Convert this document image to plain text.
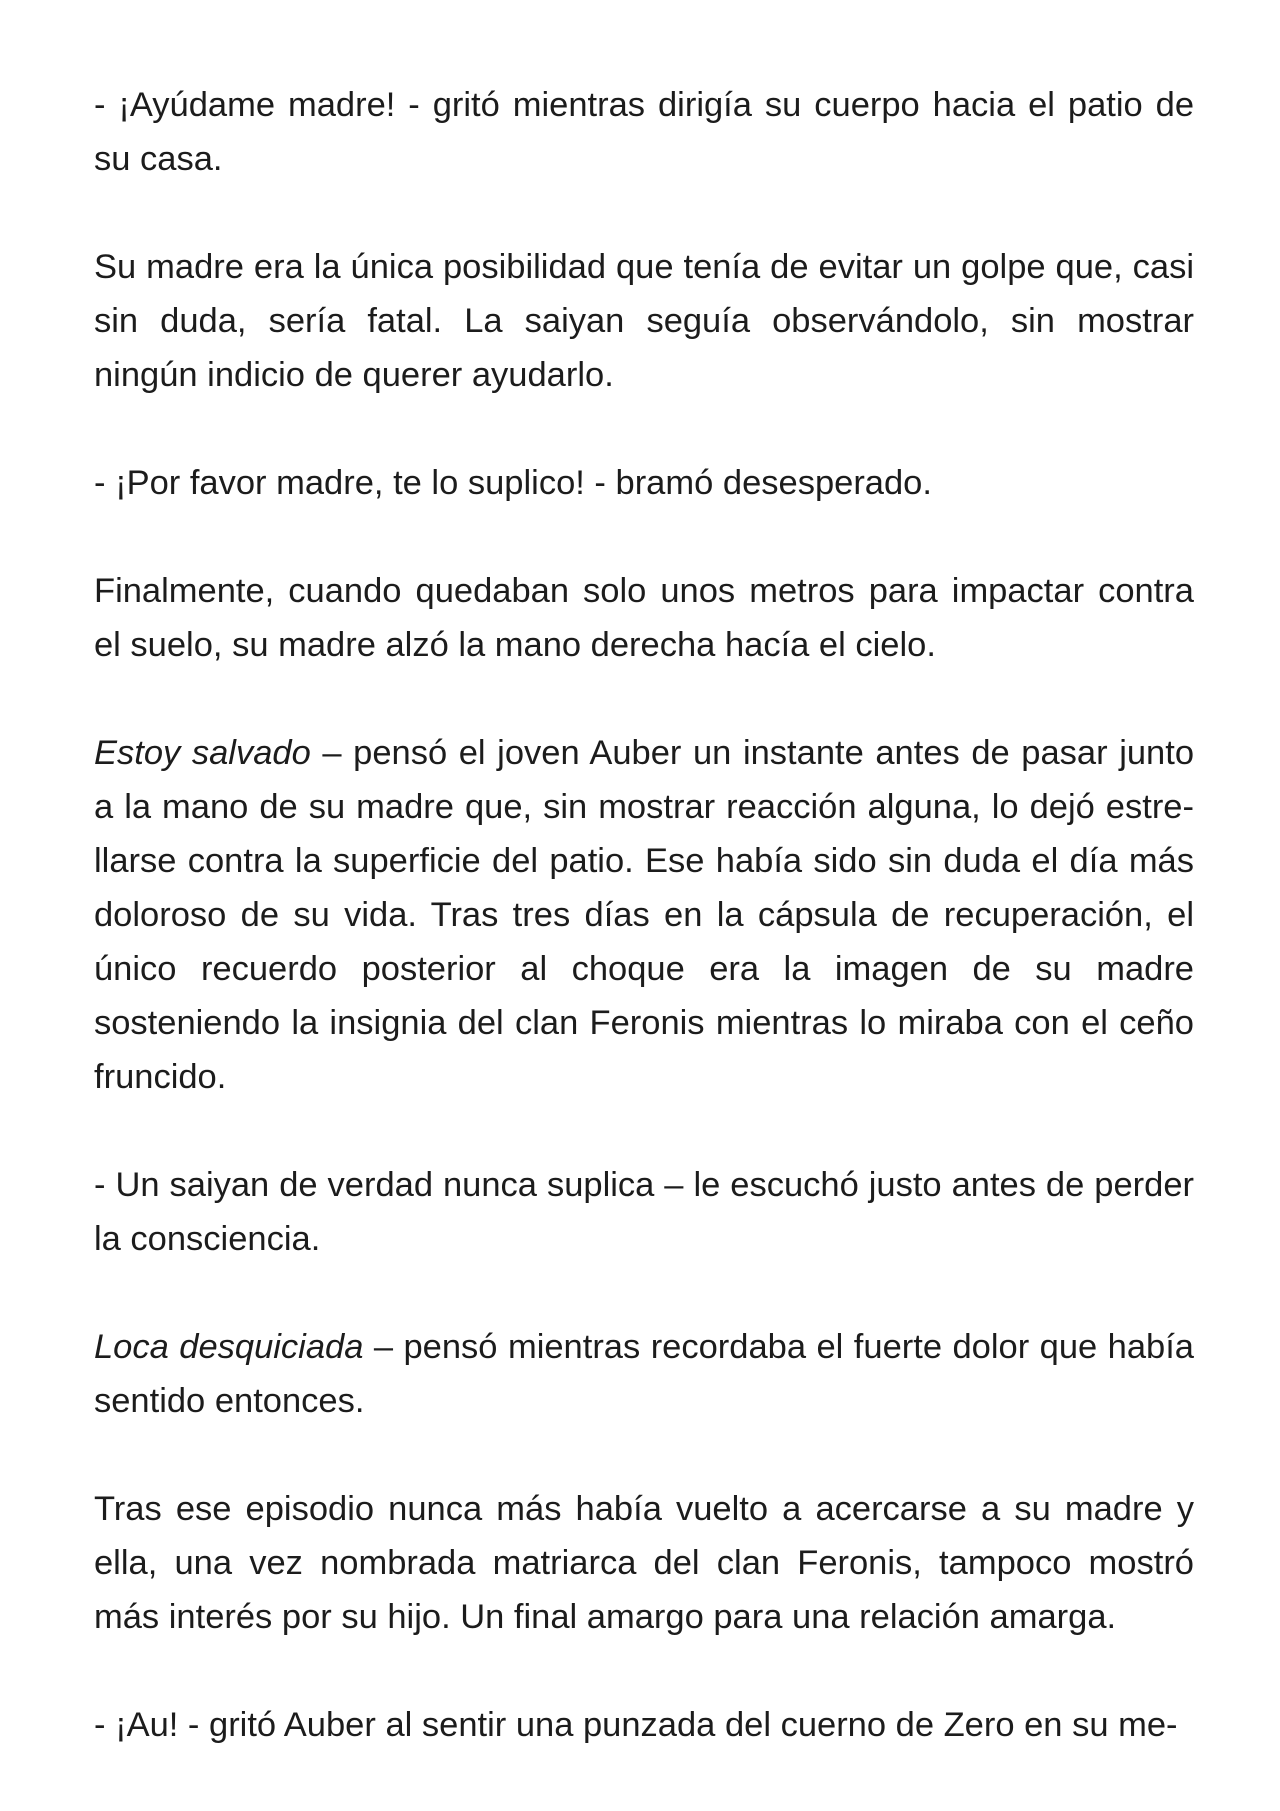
- ¡Ayúdame madre! - gritó mientras dirigía su cuerpo hacia el patio de su casa.

Su madre era la única posibilidad que tenía de evitar un golpe que, casi sin duda, sería fatal. La saiyan seguía observándolo, sin mostrar ningún indicio de querer ayudarlo.

- ¡Por favor madre, te lo suplico! - bramó desesperado.

Finalmente, cuando quedaban solo unos metros para impactar contra el suelo, su madre alzó la mano derecha hacía el cielo.

Estoy salvado – pensó el joven Auber un instante antes de pasar junto a la mano de su madre que, sin mostrar reacción alguna, lo dejó estrellarse contra la superficie del patio. Ese había sido sin duda el día más doloroso de su vida. Tras tres días en la cápsula de recuperación, el único recuerdo posterior al choque era la imagen de su madre sosteniendo la insignia del clan Feronis mientras lo miraba con el ceño fruncido.

- Un saiyan de verdad nunca suplica – le escuchó justo antes de perder la consciencia.

Loca desquiciada – pensó mientras recordaba el fuerte dolor que había sentido entonces.

Tras ese episodio nunca más había vuelto a acercarse a su madre y ella, una vez nombrada matriarca del clan Feronis, tampoco mostró más interés por su hijo. Un final amargo para una relación amarga.

- ¡Au! - gritó Auber al sentir una punzada del cuerno de Zero en su me-
